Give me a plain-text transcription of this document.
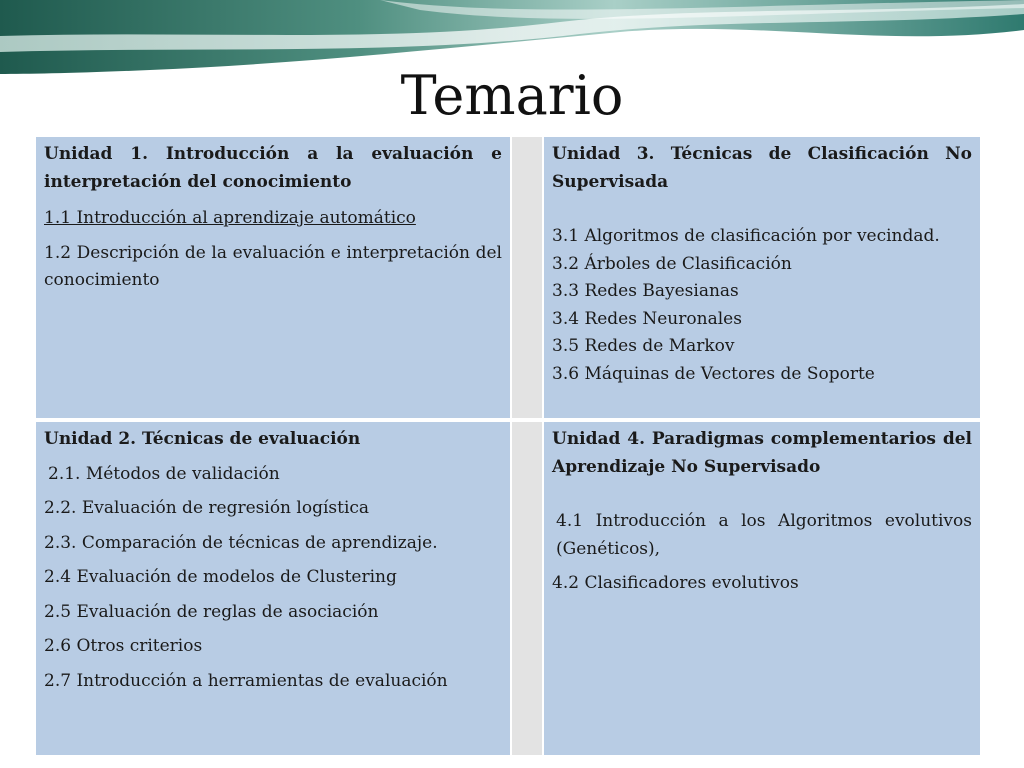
Temario

Unidad 1. Introducción a la evaluación e interpretación del conocimiento

1.1 Introducción al aprendizaje automático

1.2 Descripción de la evaluación e interpretación del conocimiento

Unidad 3. Técnicas de Clasificación No Supervisada

3.1 Algoritmos de clasificación por vecindad.

3.2 Árboles de Clasificación

3.3 Redes Bayesianas

3.4 Redes Neuronales

3.5 Redes de Markov

3.6 Máquinas de Vectores de Soporte

Unidad 2. Técnicas de evaluación

2.1. Métodos de validación

2.2. Evaluación de regresión logística

2.3. Comparación de técnicas de aprendizaje.

2.4 Evaluación de modelos de Clustering

2.5 Evaluación de reglas de asociación

2.6 Otros criterios

2.7 Introducción a herramientas de evaluación

Unidad 4. Paradigmas complementarios del Aprendizaje No Supervisado

4.1 Introducción a los Algoritmos evolutivos (Genéticos),

4.2 Clasificadores evolutivos
